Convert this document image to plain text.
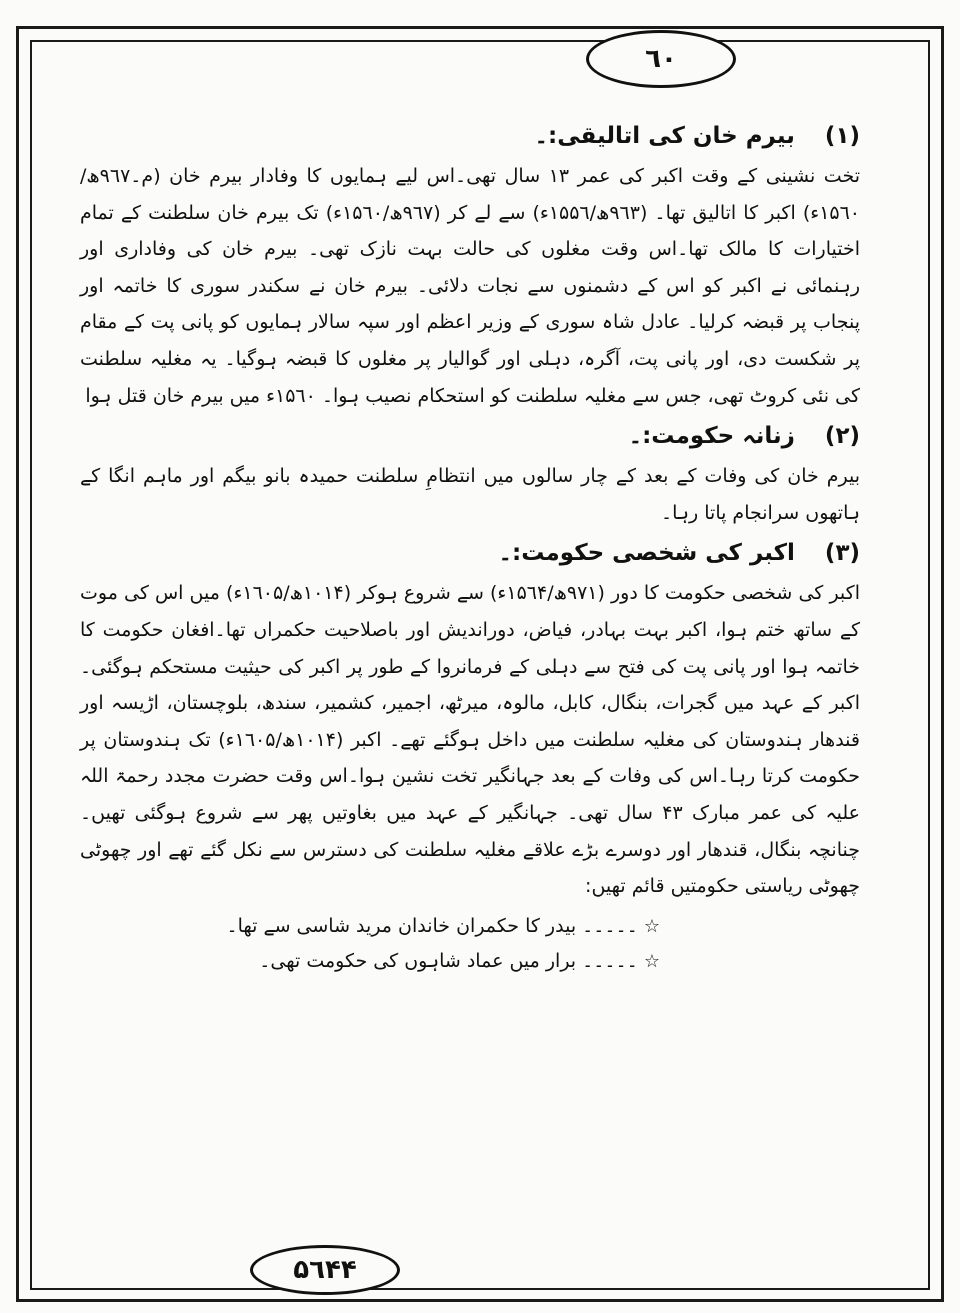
٦٠
(۱) بیرم خان کی اتالیقی:۔

تخت نشینی کے وقت اکبر کی عمر ۱۳ سال تھی۔اس لیے ہمایوں کا وفادار بیرم خان (م۔۹٦۷ھ/۱۵٦۰ء) اکبر کا اتالیق تھا۔ (۹٦۳ھ/۱۵۵٦ء) سے لے کر (۹٦۷ھ/۱۵٦۰ء) تک بیرم خان سلطنت کے تمام اختیارات کا مالک تھا۔اس وقت مغلوں کی حالت بہت نازک تھی۔ بیرم خان کی وفاداری اور رہنمائی نے اکبر کو اس کے دشمنوں سے نجات دلائی۔ بیرم خان نے سکندر سوری کا خاتمہ اور پنجاب پر قبضہ کرلیا۔ عادل شاہ سوری کے وزیر اعظم اور سپہ سالار ہمایوں کو پانی پت کے مقام پر شکست دی، اور پانی پت، آگرہ، دہلی اور گوالیار پر مغلوں کا قبضہ ہوگیا۔ یہ مغلیہ سلطنت کی نئی کروٹ تھی، جس سے مغلیہ سلطنت کو استحکام نصیب ہوا۔ ۱۵٦۰ء میں بیرم خان قتل ہوا

(۲) زنانہ حکومت:۔

بیرم خان کی وفات کے بعد کے چار سالوں میں انتظامِ سلطنت حمیدہ بانو بیگم اور ماہم انگا کے ہاتھوں سرانجام پاتا رہا۔

(۳) اکبر کی شخصی حکومت:۔

اکبر کی شخصی حکومت کا دور (۹۷۱ھ/۱۵٦۴ء) سے شروع ہوکر (۱۰۱۴ھ/۱٦۰۵ء) میں اس کی موت کے ساتھ ختم ہوا، اکبر بہت بہادر، فیاض، دوراندیش اور باصلاحیت حکمراں تھا۔افغان حکومت کا خاتمہ ہوا اور پانی پت کی فتح سے دہلی کے فرمانروا کے طور پر اکبر کی حیثیت مستحکم ہوگئی۔ اکبر کے عہد میں گجرات، بنگال، کابل، مالوہ، میرٹھ، اجمیر، کشمیر، سندھ، بلوچستان، اڑیسہ اور قندھار ہندوستان کی مغلیہ سلطنت میں داخل ہوگئے تھے۔ اکبر (۱۰۱۴ھ/۱٦۰۵ء) تک ہندوستان پر حکومت کرتا رہا۔اس کی وفات کے بعد جہانگیر تخت نشین ہوا۔اس وقت حضرت مجدد رحمۃ اللہ علیہ کی عمر مبارک ۴۳ سال تھی۔ جہانگیر کے عہد میں بغاوتیں پھر سے شروع ہوگئی تھیں۔ چنانچہ بنگال، قندھار اور دوسرے بڑے علاقے مغلیہ سلطنت کی دسترس سے نکل گئے تھے اور چھوٹی چھوٹی ریاستی حکومتیں قائم تھیں:

☆ ۔۔۔۔۔ بیدر کا حکمران خاندان مرید شاسی سے تھا۔

☆ ۔۔۔۔۔ برار میں عماد شاہوں کی حکومت تھی۔

۵٦۴۴
